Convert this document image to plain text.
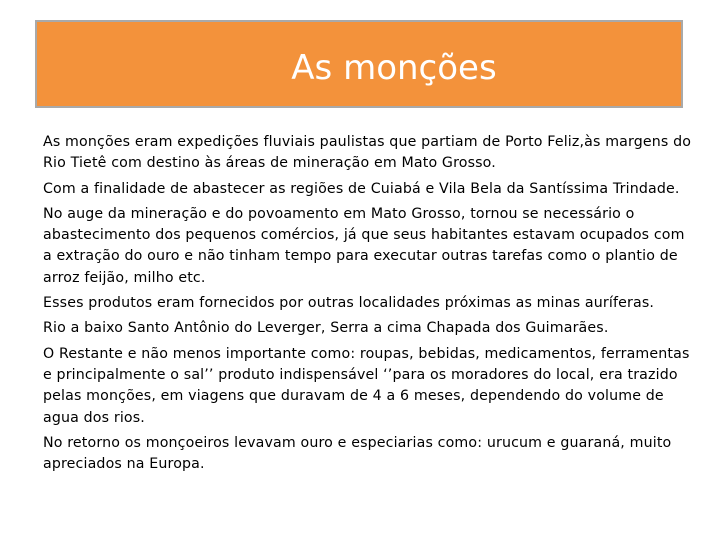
As monções

As monções eram expedições fluviais paulistas que partiam de Porto Feliz,às margens do Rio Tietê com destino às áreas de mineração em Mato Grosso.

Com a finalidade de abastecer as regiões de Cuiabá e Vila Bela da Santíssima Trindade.

No auge da mineração e do povoamento em Mato Grosso, tornou se necessário o abastecimento dos pequenos comércios, já que seus habitantes estavam ocupados com a extração do ouro e não tinham tempo para executar outras tarefas como o plantio de arroz feijão, milho etc.

Esses produtos eram fornecidos por outras localidades próximas as minas auríferas.

Rio a baixo Santo Antônio do Leverger, Serra a cima Chapada dos Guimarães.

O Restante e não menos importante como: roupas, bebidas, medicamentos, ferramentas e principalmente o sal’’ produto indispensável ‘’para os moradores do local, era trazido pelas monções, em viagens que duravam de 4 a 6 meses, dependendo do volume de agua dos rios.

No retorno os monçoeiros levavam ouro e especiarias como: urucum e guaraná, muito apreciados na Europa.
